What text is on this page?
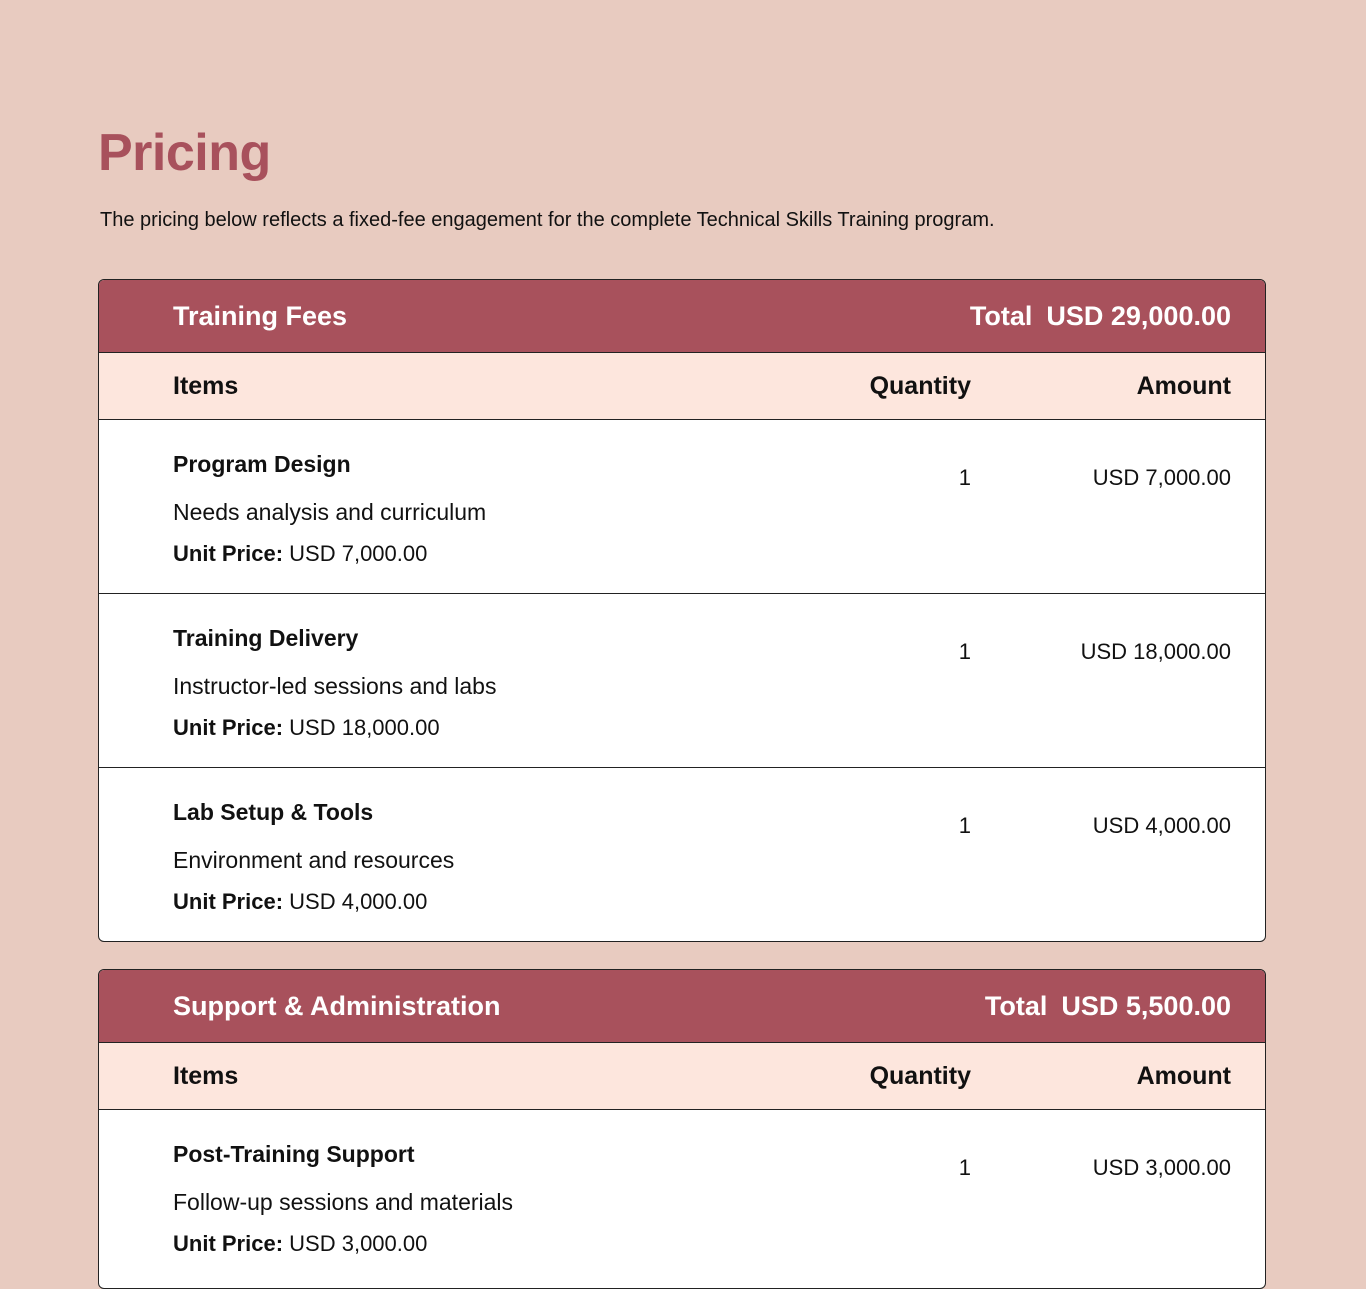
Pricing

The pricing below reflects a fixed-fee engagement for the complete Technical Skills Training program.

Training Fees	Total USD 29,000.00
Items	Quantity	Amount
Program Design
Needs analysis and curriculum
Unit Price: USD 7,000.00
1	USD 7,000.00
Training Delivery
Instructor-led sessions and labs
Unit Price: USD 18,000.00
1	USD 18,000.00
Lab Setup & Tools
Environment and resources
Unit Price: USD 4,000.00
1	USD 4,000.00
Support & Administration	Total USD 5,500.00
Items	Quantity	Amount
Post-Training Support
Follow-up sessions and materials
Unit Price: USD 3,000.00
1	USD 3,000.00
